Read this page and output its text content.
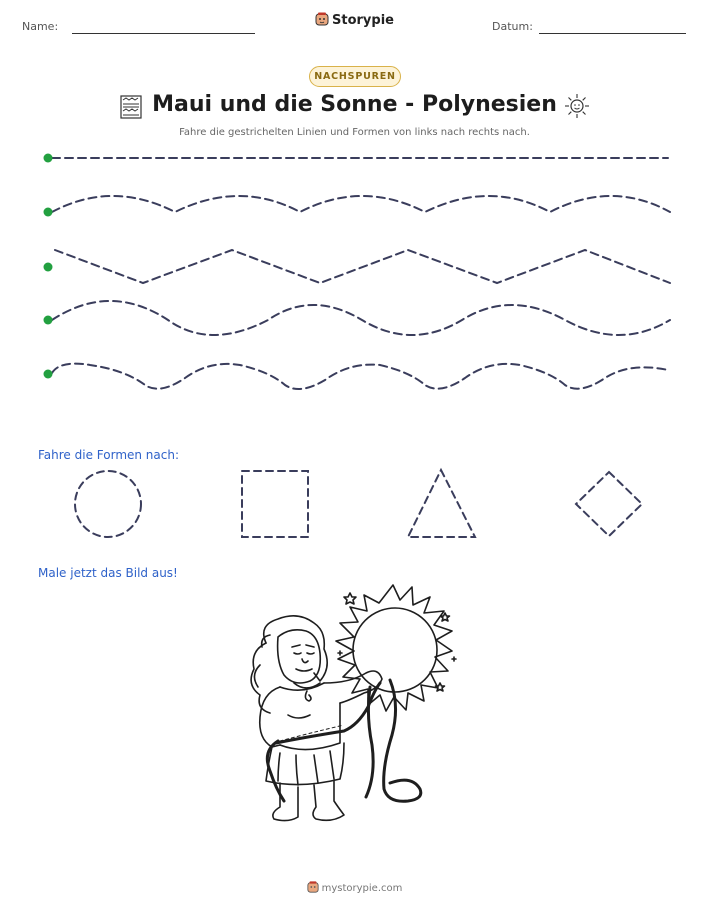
Name:	Storypie	Datum:
NACHSPUREN
Maui und die Sonne - Polynesien
Fahre die gestrichelten Linien und Formen von links nach rechts nach.
Fahre die Formen nach:
Male jetzt das Bild aus!
mystorypie.com
